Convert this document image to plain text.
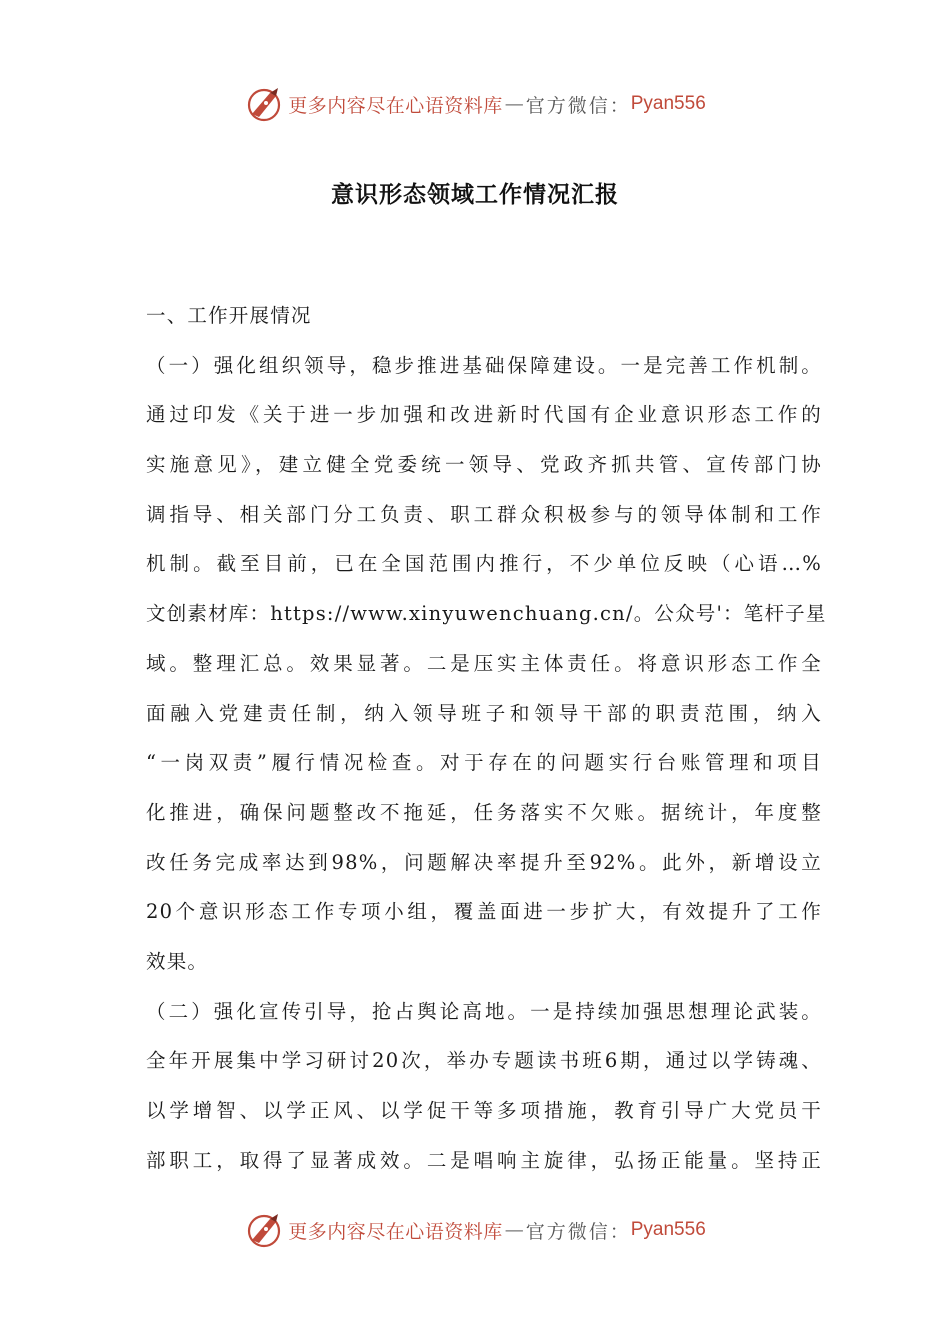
更多内容尽在心语资料库 — 官方微信： Pyan556
意识形态领域工作情况汇报
一、工作开展情况
（一）强化组织领导，稳步推进基础保障建设。一是完善工作机制。
通过印发《关于进一步加强和改进新时代国有企业意识形态工作的
实施意见》，建立健全党委统一领导、党政齐抓共管、宣传部门协
调指导、相关部门分工负责、职工群众积极参与的领导体制和工作
机制。截至目前，已在全国范围内推行，不少单位反映（心语…%
文创素材库：https://www.xinyuwenchuang.cn/。公众号'：笔杆子星
域。整理汇总。效果显著。二是压实主体责任。将意识形态工作全
面融入党建责任制，纳入领导班子和领导干部的职责范围，纳入
“一岗双责”履行情况检查。对于存在的问题实行台账管理和项目
化推进，确保问题整改不拖延，任务落实不欠账。据统计，年度整
改任务完成率达到98%，问题解决率提升至92%。此外，新增设立
20个意识形态工作专项小组，覆盖面进一步扩大，有效提升了工作
效果。
（二）强化宣传引导，抢占舆论高地。一是持续加强思想理论武装。
全年开展集中学习研讨20次，举办专题读书班6期，通过以学铸魂、
以学增智、以学正风、以学促干等多项措施，教育引导广大党员干
部职工，取得了显著成效。二是唱响主旋律，弘扬正能量。坚持正
更多内容尽在心语资料库 — 官方微信： Pyan556
